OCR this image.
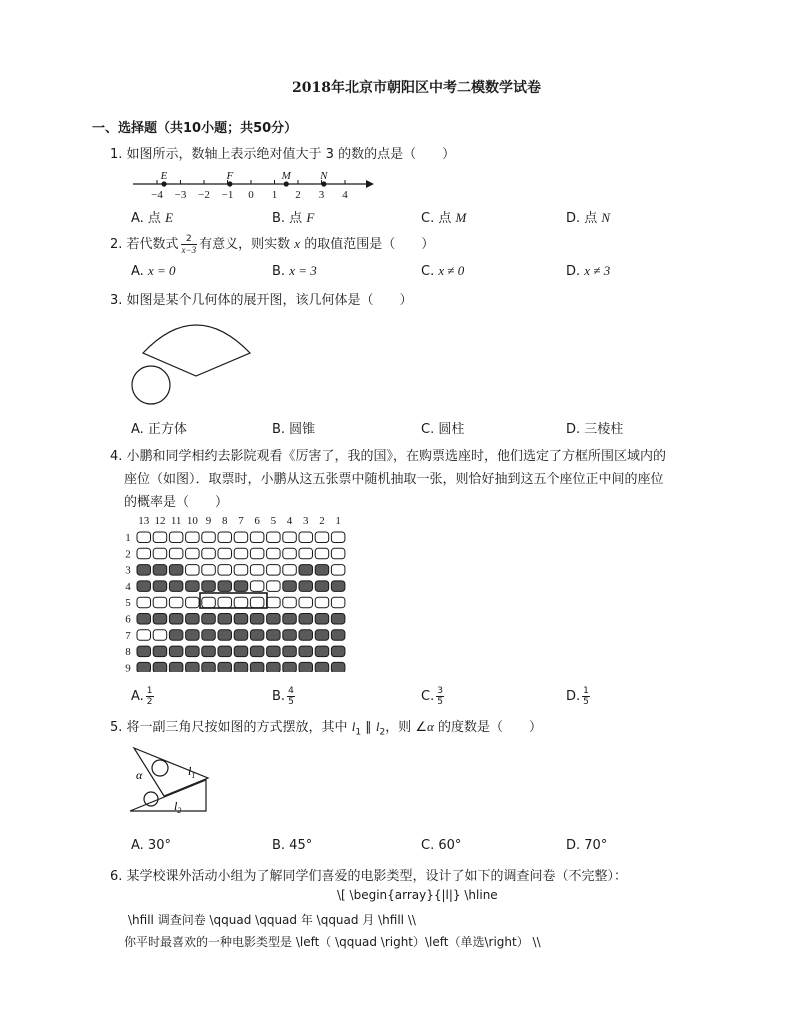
2018年北京市朝阳区中考二模数学试卷
一、选择题（共10小题；共50分）
1. 如图所示，数轴上表示绝对值大于 3 的数的点是（　　）
−4 −3 −2 −1 0 1 2 3 4
E	F	M	N
A. 点 E	B. 点 F	C. 点 M	D. 点 N
2. 若代数式 $\frac{2}{x-3}$ 有意义，则实数 x 的取值范围是（　　）
A. x = 0	B. x = 3	C. x ≠ 0	D. x ≠ 3
3. 如图是某个几何体的展开图，该几何体是（　　）
A. 正方体	B. 圆锥	C. 圆柱	D. 三棱柱
4. 小鹏和同学相约去影院观看《厉害了，我的国》，在购票选座时，他们选定了方框所围区域内的
座位（如图）．取票时，小鹏从这五张票中随机抽取一张，则恰好抽到这五个座位正中间的座位
的概率是（　　）
13 12 11 10 9 8 7 6 5 4 3 2 1
1
2
3
4
5
6
7
8
9
A. $\frac{1}{2}$	B. $\frac{4}{5}$	C. $\frac{3}{5}$	D. $\frac{1}{5}$
5. 将一副三角尺按如图的方式摆放，其中 $l_1$ ∥ $l_2$，则 ∠α 的度数是（　　）
α	$l_1$
$l_2$
A. 30°	B. 45°	C. 60°	D. 70°
6. 某学校课外活动小组为了解同学们喜爱的电影类型，设计了如下的调查问卷（不完整）：
\[ \begin{array}{|l|} \hline
\hfill 调查问卷 \qquad \qquad 年 \qquad 月 \hfill \\
你平时最喜欢的一种电影类型是 \left（ \qquad \right）\left（单选\right） \\
